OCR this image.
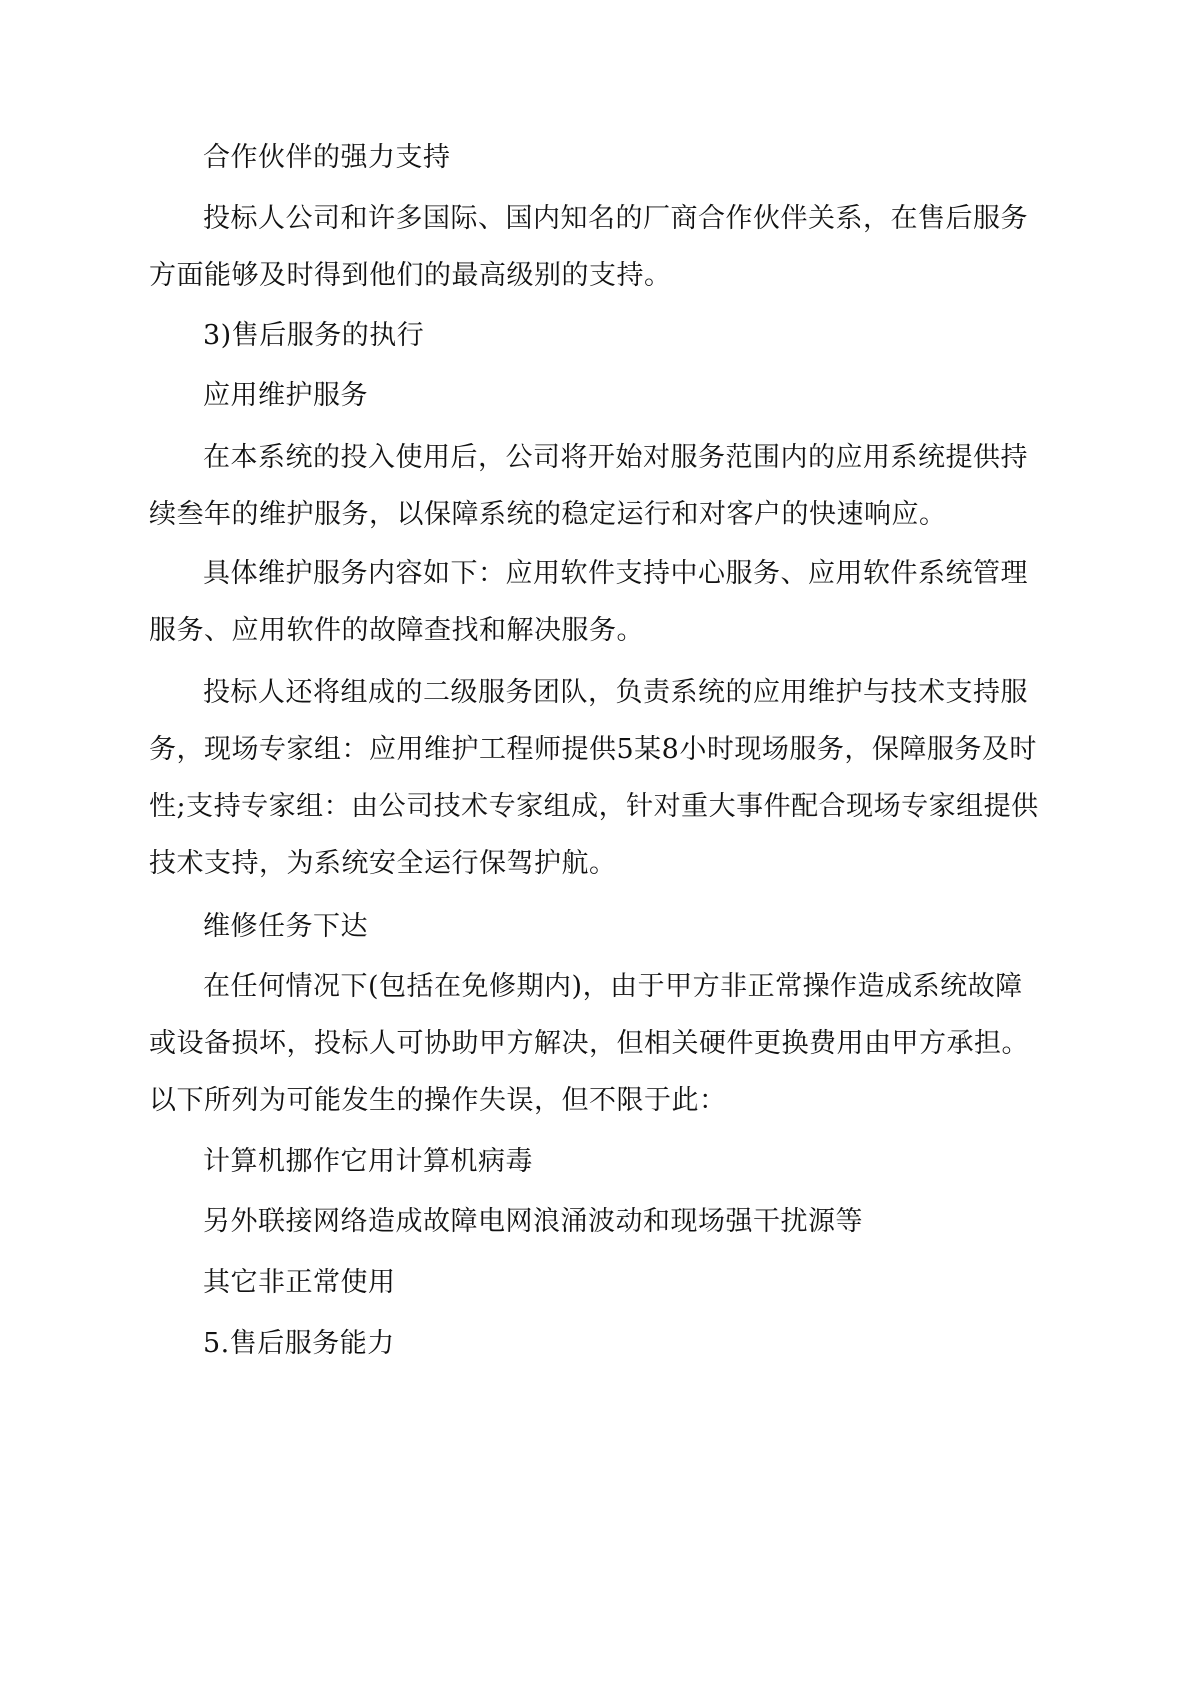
合作伙伴的强力支持

投标人公司和许多国际、国内知名的厂商合作伙伴关系，在售后服务方面能够及时得到他们的最高级别的支持。

3)售后服务的执行

应用维护服务

在本系统的投入使用后，公司将开始对服务范围内的应用系统提供持续叁年的维护服务，以保障系统的稳定运行和对客户的快速响应。

具体维护服务内容如下：应用软件支持中心服务、应用软件系统管理服务、应用软件的故障查找和解决服务。

投标人还将组成的二级服务团队，负责系统的应用维护与技术支持服务，现场专家组：应用维护工程师提供5某8小时现场服务，保障服务及时性;支持专家组：由公司技术专家组成，针对重大事件配合现场专家组提供技术支持，为系统安全运行保驾护航。

维修任务下达

在任何情况下(包括在免修期内)，由于甲方非正常操作造成系统故障或设备损坏，投标人可协助甲方解决，但相关硬件更换费用由甲方承担。以下所列为可能发生的操作失误，但不限于此：

计算机挪作它用计算机病毒

另外联接网络造成故障电网浪涌波动和现场强干扰源等

其它非正常使用

5.售后服务能力
